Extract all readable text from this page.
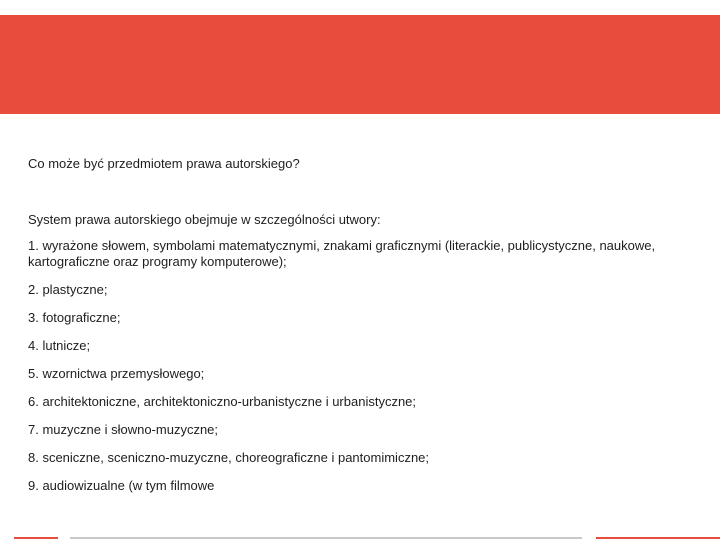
Co może być przedmiotem prawa autorskiego?

System prawa autorskiego obejmuje w szczególności utwory:

1. wyrażone słowem, symbolami matematycznymi, znakami graficznymi (literackie, publicystyczne, naukowe, kartograficzne oraz programy komputerowe);
2. plastyczne;
3. fotograficzne;
4. lutnicze;
5. wzornictwa przemysłowego;
6. architektoniczne, architektoniczno-urbanistyczne i urbanistyczne;
7. muzyczne i słowno-muzyczne;
8. sceniczne, sceniczno-muzyczne, choreograficzne i pantomimiczne;
9. audiowizualne (w tym filmowe
